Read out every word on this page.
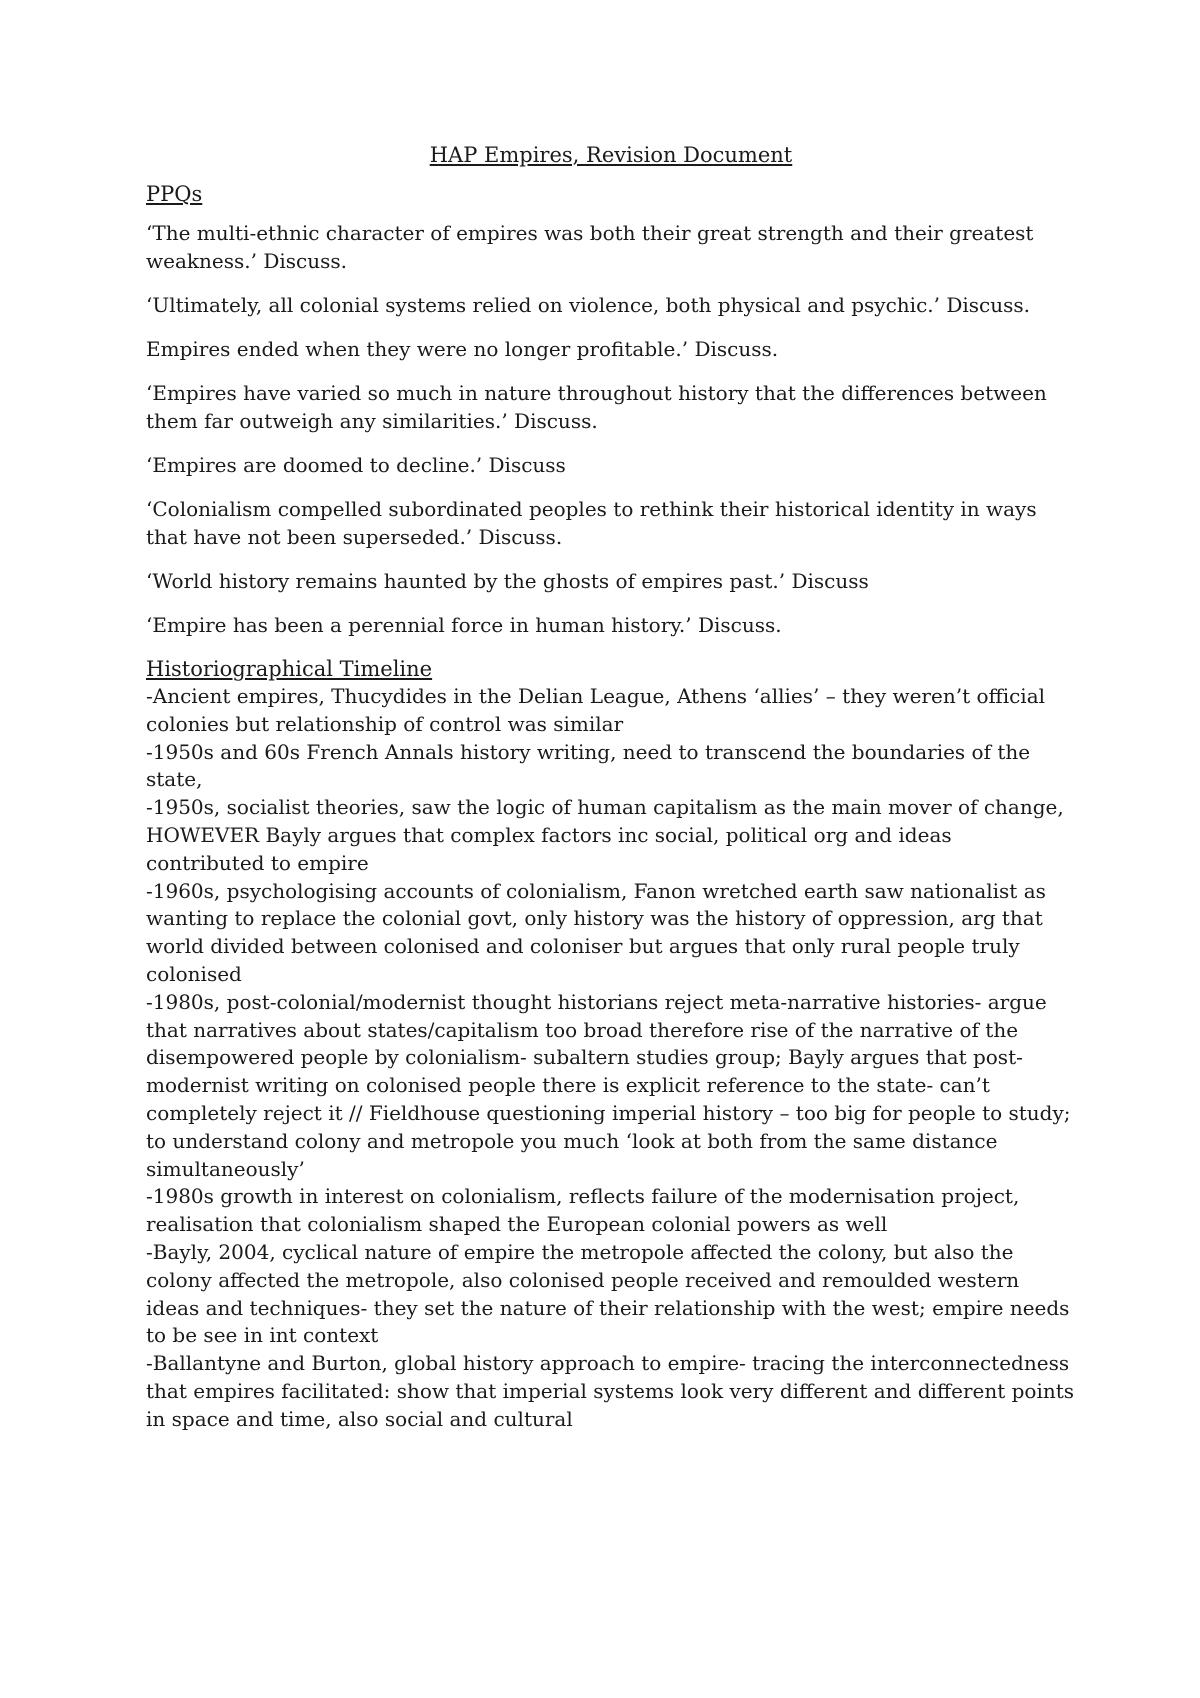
HAP Empires, Revision Document
PPQs

‘The multi-ethnic character of empires was both their great strength and their greatest weakness.’ Discuss.

‘Ultimately, all colonial systems relied on violence, both physical and psychic.’ Discuss.

Empires ended when they were no longer profitable.’ Discuss.

‘Empires have varied so much in nature throughout history that the differences between them far outweigh any similarities.’ Discuss.

‘Empires are doomed to decline.’ Discuss

‘Colonialism compelled subordinated peoples to rethink their historical identity in ways that have not been superseded.’ Discuss.

‘World history remains haunted by the ghosts of empires past.’ Discuss

‘Empire has been a perennial force in human history.’ Discuss.

Historiographical Timeline

-Ancient empires, Thucydides in the Delian League, Athens ‘allies’ – they weren’t official colonies but relationship of control was similar

-1950s and 60s French Annals history writing, need to transcend the boundaries of the state,

-1950s, socialist theories, saw the logic of human capitalism as the main mover of change, HOWEVER Bayly argues that complex factors inc social, political org and ideas contributed to empire

-1960s, psychologising accounts of colonialism, Fanon wretched earth saw nationalist as wanting to replace the colonial govt, only history was the history of oppression, arg that world divided between colonised and coloniser but argues that only rural people truly colonised

-1980s, post-colonial/modernist thought historians reject meta-narrative histories- argue that narratives about states/capitalism too broad therefore rise of the narrative of the disempowered people by colonialism- subaltern studies group; Bayly argues that post-modernist writing on colonised people there is explicit reference to the state- can’t completely reject it // Fieldhouse questioning imperial history – too big for people to study; to understand colony and metropole you much ‘look at both from the same distance simultaneously’

-1980s growth in interest on colonialism, reflects failure of the modernisation project, realisation that colonialism shaped the European colonial powers as well

-Bayly, 2004, cyclical nature of empire the metropole affected the colony, but also the colony affected the metropole, also colonised people received and remoulded western ideas and techniques- they set the nature of their relationship with the west; empire needs to be see in int context

-Ballantyne and Burton, global history approach to empire- tracing the interconnectedness that empires facilitated: show that imperial systems look very different and different points in space and time, also social and cultural
